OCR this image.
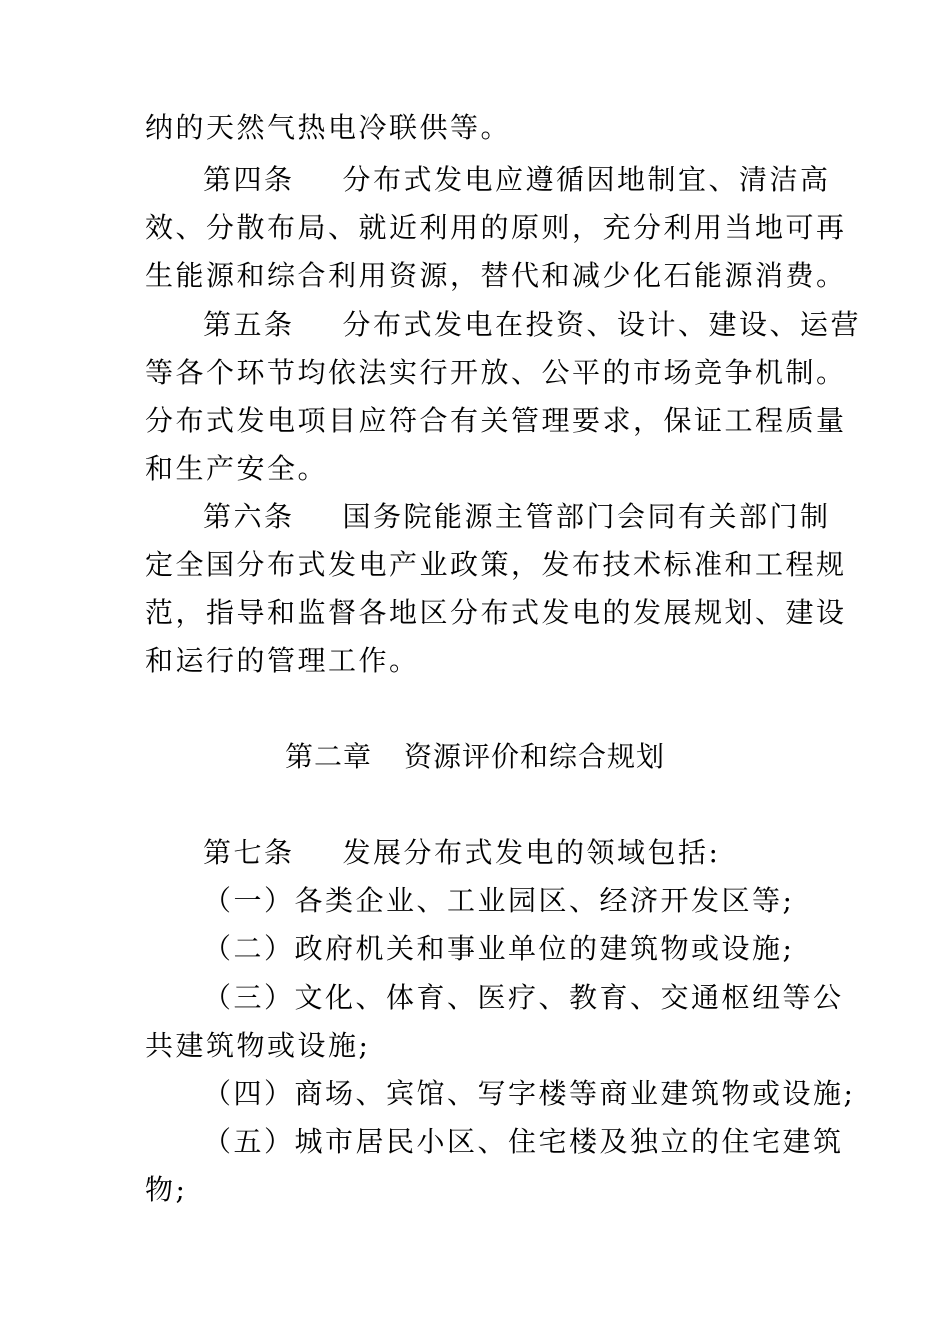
纳的天然气热电冷联供等。
第四条 分布式发电应遵循因地制宜、清洁高
效、分散布局、就近利用的原则，充分利用当地可再
生能源和综合利用资源，替代和减少化石能源消费。
第五条 分布式发电在投资、设计、建设、运营
等各个环节均依法实行开放、公平的市场竞争机制。
分布式发电项目应符合有关管理要求，保证工程质量
和生产安全。
第六条 国务院能源主管部门会同有关部门制
定全国分布式发电产业政策，发布技术标准和工程规
范，指导和监督各地区分布式发电的发展规划、建设
和运行的管理工作。
第二章 资源评价和综合规划
第七条 发展分布式发电的领域包括:
（一）各类企业、工业园区、经济开发区等;
（二）政府机关和事业单位的建筑物或设施;
（三）文化、体育、医疗、教育、交通枢纽等公
共建筑物或设施;
（四）商场、宾馆、写字楼等商业建筑物或设施;
（五）城市居民小区、住宅楼及独立的住宅建筑
物;
